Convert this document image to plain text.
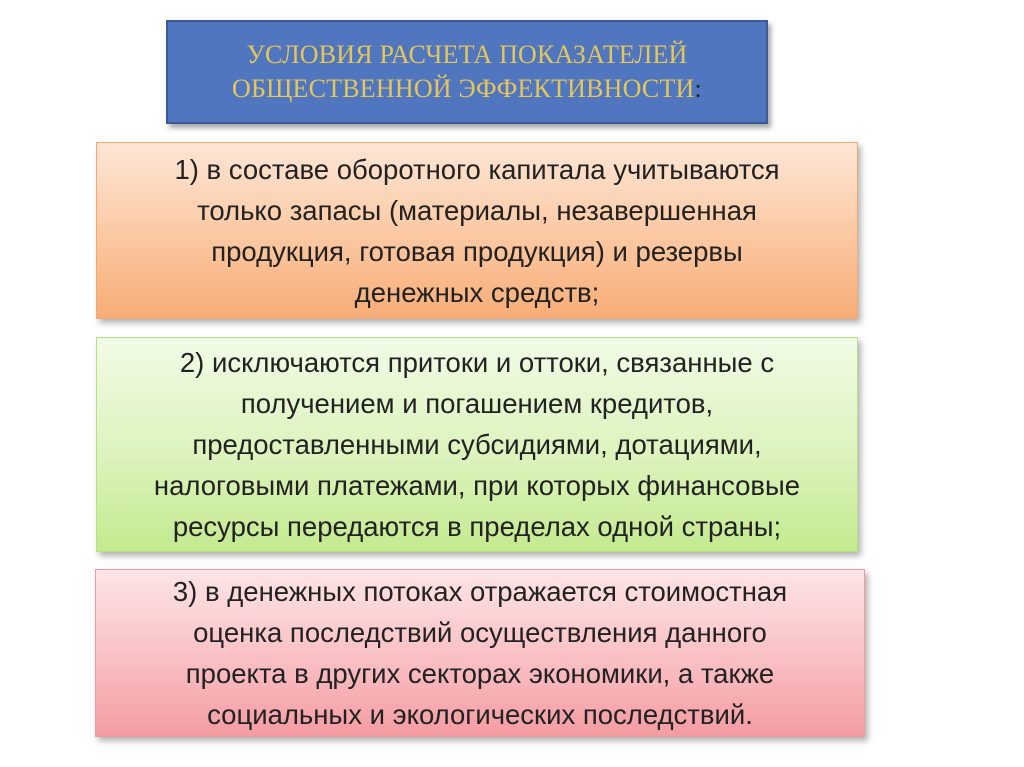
УСЛОВИЯ РАСЧЕТА ПОКАЗАТЕЛЕЙ
ОБЩЕСТВЕННОЙ ЭФФЕКТИВНОСТИ:
1) в составе оборотного капитала учитываются
только запасы (материалы, незавершенная
продукция, готовая продукция) и резервы
денежных средств;
2) исключаются притоки и оттоки, связанные с
получением и погашением кредитов,
предоставленными субсидиями, дотациями,
налоговыми платежами, при которых финансовые
ресурсы передаются в пределах одной страны;
3) в денежных потоках отражается стоимостная
оценка последствий осуществления данного
проекта в других секторах экономики, а также
социальных и экологических последствий.
